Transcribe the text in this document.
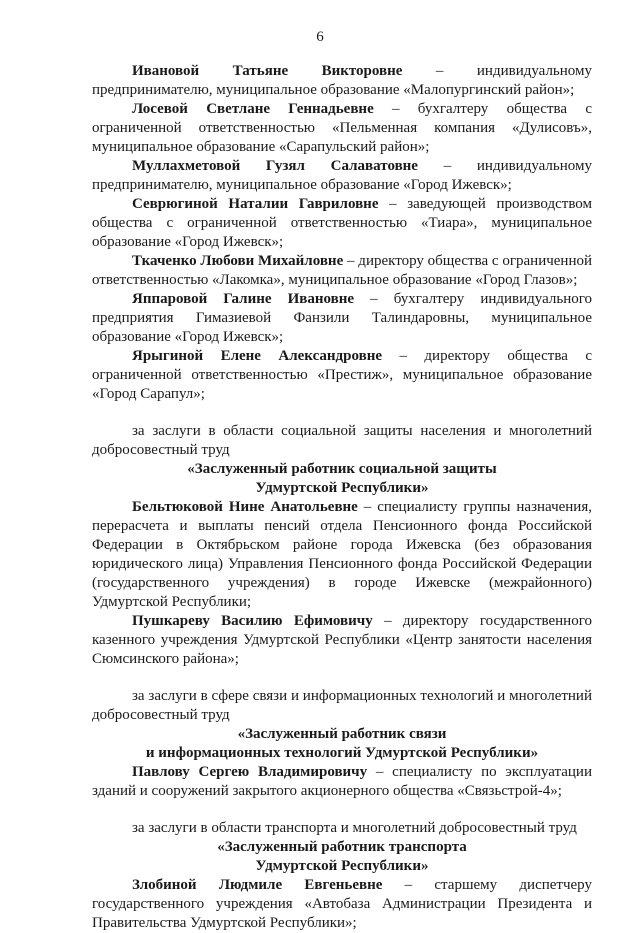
6

Ивановой Татьяне Викторовне – индивидуальному предпринимателю, муниципальное образование «Малопургинский район»;

Лосевой Светлане Геннадьевне – бухгалтеру общества с ограниченной ответственностью «Пельменная компания «Дулисовъ», муниципальное образование «Сарапульский район»;

Муллахметовой Гузял Салаватовне – индивидуальному предпринимателю, муниципальное образование «Город Ижевск»;

Севрюгиной Наталии Гавриловне – заведующей производством общества с ограниченной ответственностью «Тиара», муниципальное образование «Город Ижевск»;

Ткаченко Любови Михайловне – директору общества с ограниченной ответственностью «Лакомка», муниципальное образование «Город Глазов»;

Яппаровой Галине Ивановне – бухгалтеру индивидуального предприятия Гимазиевой Фанзили Талиндаровны, муниципальное образование «Город Ижевск»;

Ярыгиной Елене Александровне – директору общества с ограниченной ответственностью «Престиж», муниципальное образование «Город Сарапул»;

за заслуги в области социальной защиты населения и многолетний добросовестный труд

«Заслуженный работник социальной защиты

Удмуртской Республики»

Бельтюковой Нине Анатольевне – специалисту группы назначения, перерасчета и выплаты пенсий отдела Пенсионного фонда Российской Федерации в Октябрьском районе города Ижевска (без образования юридического лица) Управления Пенсионного фонда Российской Федерации (государственного учреждения) в городе Ижевске (межрайонного) Удмуртской Республики;

Пушкареву Василию Ефимовичу – директору государственного казенного учреждения Удмуртской Республики «Центр занятости населения Сюмсинского района»;

за заслуги в сфере связи и информационных технологий и многолетний добросовестный труд

«Заслуженный работник связи

и информационных технологий Удмуртской Республики»

Павлову Сергею Владимировичу – специалисту по эксплуатации зданий и сооружений закрытого акционерного общества «Связьстрой-4»;

за заслуги в области транспорта и многолетний добросовестный труд

«Заслуженный работник транспорта

Удмуртской Республики»

Злобиной Людмиле Евгеньевне – старшему диспетчеру государственного учреждения «Автобаза Администрации Президента и Правительства Удмуртской Республики»;
